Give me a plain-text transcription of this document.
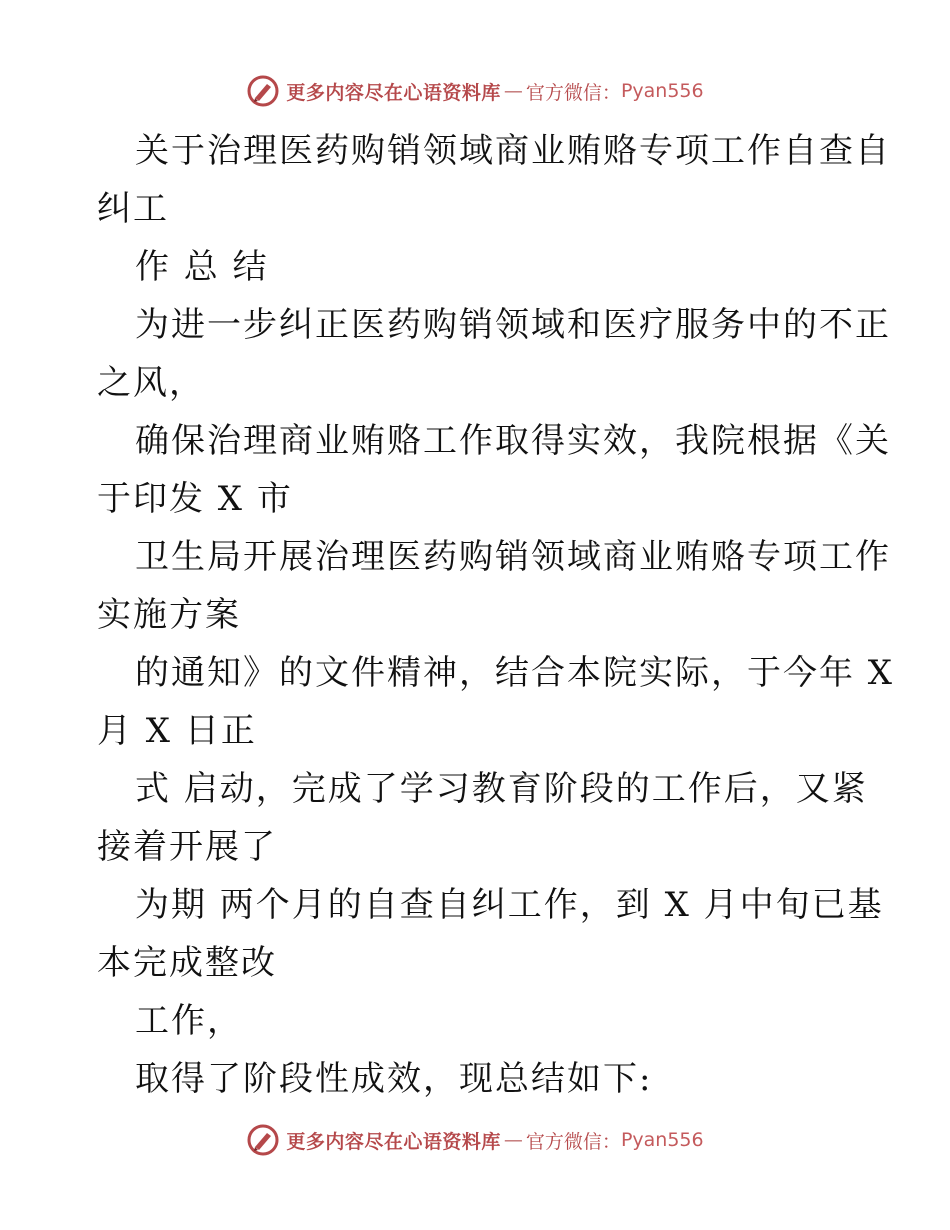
更多内容尽在心语资料库 — 官方微信： Pyan556
关于治理医药购销领域商业贿赂专项工作自查自
纠工
作 总 结
为进一步纠正医药购销领域和医疗服务中的不正
之风，
确保治理商业贿赂工作取得实效，我院根据《关
于印发 X 市
卫生局开展治理医药购销领域商业贿赂专项工作
实施方案
的通知》的文件精神，结合本院实际，于今年 X
月 X 日正
式 启动，完成了学习教育阶段的工作后，又紧
接着开展了
为期 两个月的自查自纠工作，到 X 月中旬已基
本完成整改
工作，
取得了阶段性成效，现总结如下:
更多内容尽在心语资料库 — 官方微信： Pyan556
